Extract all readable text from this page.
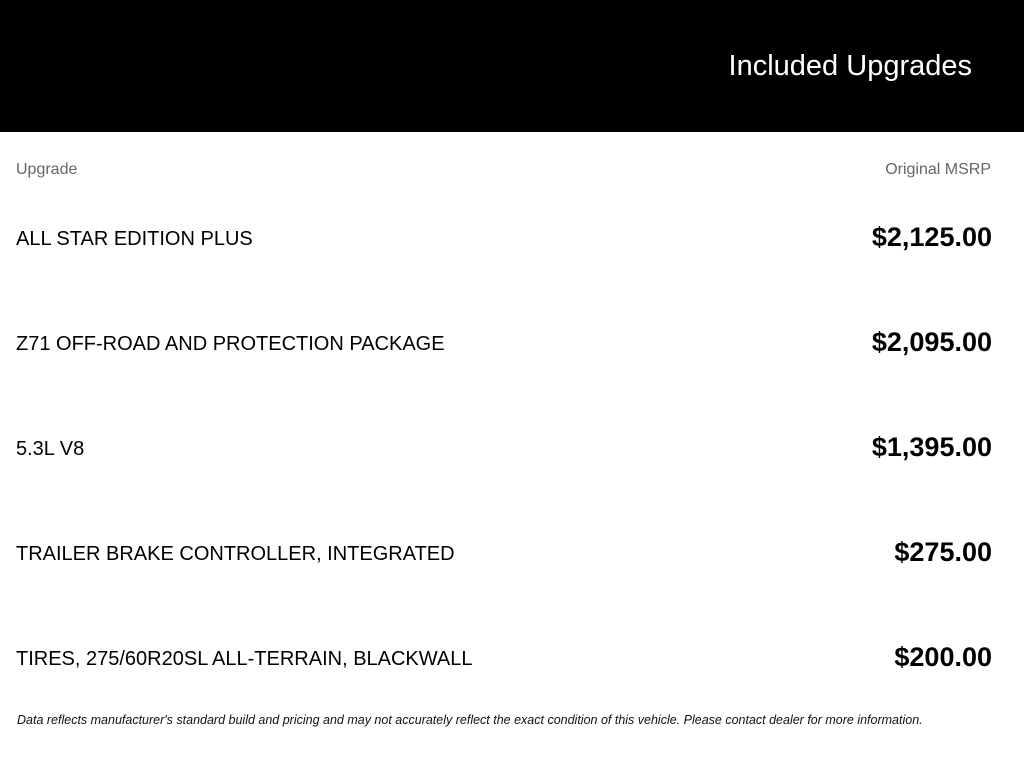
Included Upgrades
Upgrade	Original MSRP
ALL STAR EDITION PLUS	$2,125.00
Z71 OFF-ROAD AND PROTECTION PACKAGE	$2,095.00
5.3L V8	$1,395.00
TRAILER BRAKE CONTROLLER, INTEGRATED	$275.00
TIRES, 275/60R20SL ALL-TERRAIN, BLACKWALL	$200.00
Data reflects manufacturer's standard build and pricing and may not accurately reflect the exact condition of this vehicle. Please contact dealer for more information.
